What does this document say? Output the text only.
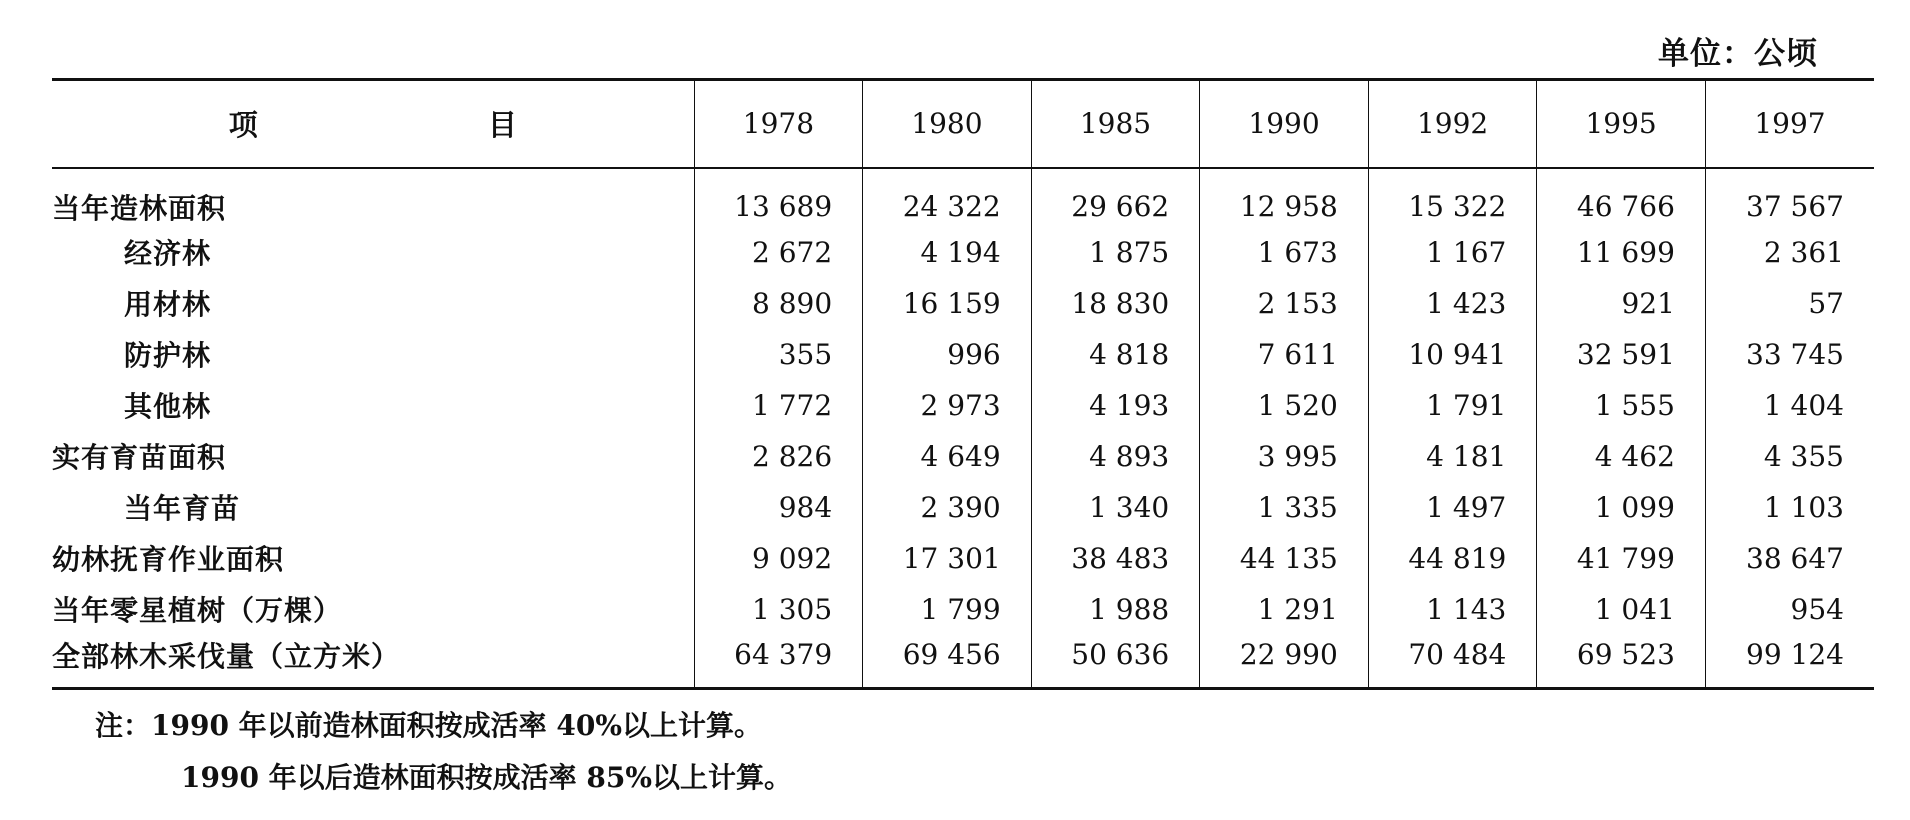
单位：公顷
项 目	1978	1980	1985	1990	1992	1995	1997
当年造林面积	13 689	24 322	29 662	12 958	15 322	46 766	37 567
经济林	2 672	4 194	1 875	1 673	1 167	11 699	2 361
用材林	8 890	16 159	18 830	2 153	1 423	921	57
防护林	355	996	4 818	7 611	10 941	32 591	33 745
其他林	1 772	2 973	4 193	1 520	1 791	1 555	1 404
实有育苗面积	2 826	4 649	4 893	3 995	4 181	4 462	4 355
当年育苗	984	2 390	1 340	1 335	1 497	1 099	1 103
幼林抚育作业面积	9 092	17 301	38 483	44 135	44 819	41 799	38 647
当年零星植树（万棵）	1 305	1 799	1 988	1 291	1 143	1 041	954
全部林木采伐量（立方米）	64 379	69 456	50 636	22 990	70 484	69 523	99 124
注：1990 年以前造林面积按成活率 40%以上计算。
1990 年以后造林面积按成活率 85%以上计算。
